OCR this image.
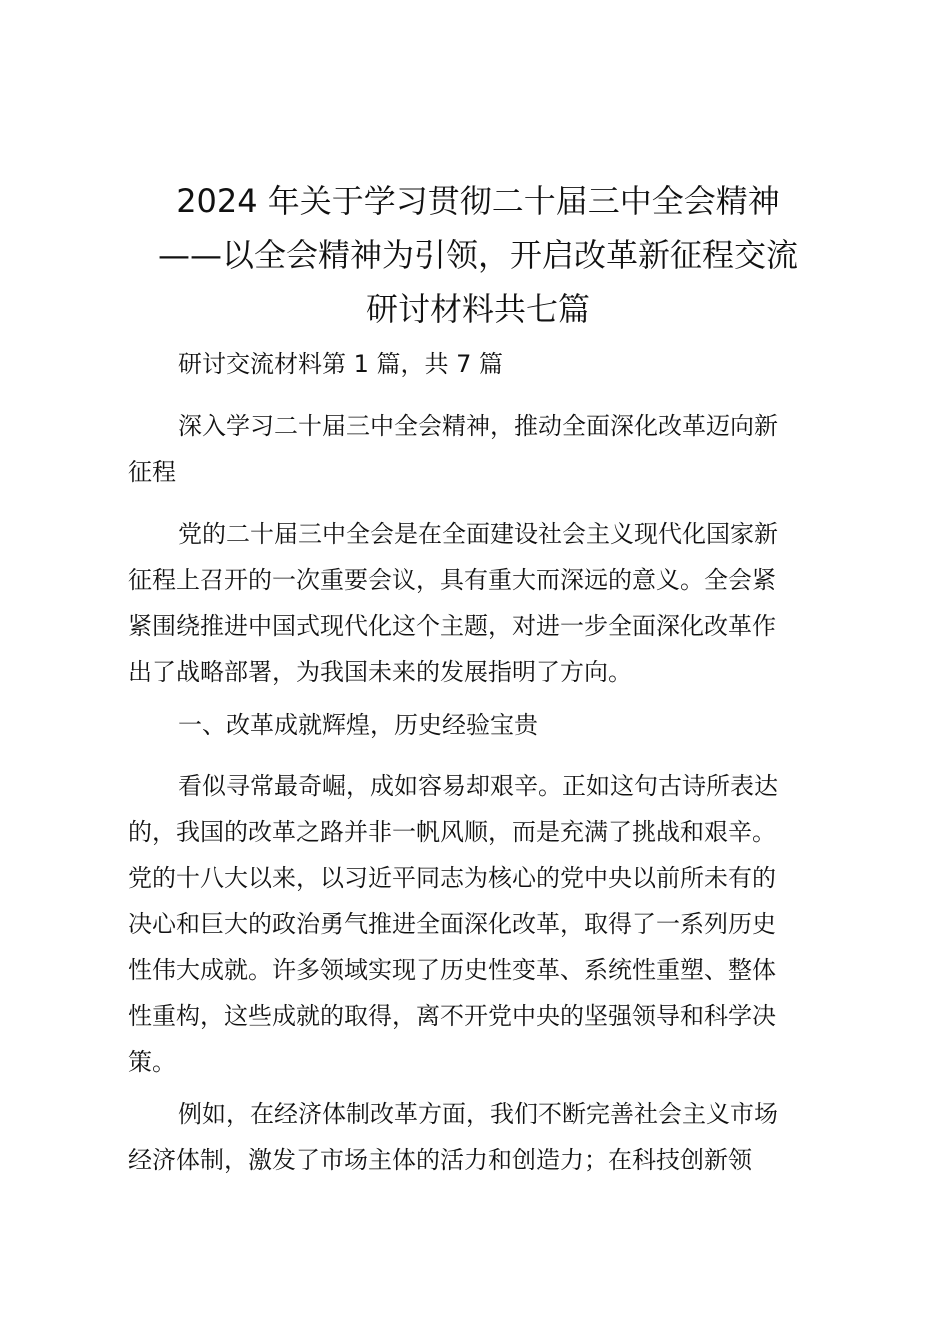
2024 年关于学习贯彻二十届三中全会精神
——以全会精神为引领，开启改革新征程交流
研讨材料共七篇

研讨交流材料第 1 篇，共 7 篇

深入学习二十届三中全会精神，推动全面深化改革迈向新
征程

党的二十届三中全会是在全面建设社会主义现代化国家新
征程上召开的一次重要会议，具有重大而深远的意义。全会紧
紧围绕推进中国式现代化这个主题，对进一步全面深化改革作
出了战略部署，为我国未来的发展指明了方向。

一、改革成就辉煌，历史经验宝贵

看似寻常最奇崛，成如容易却艰辛。正如这句古诗所表达
的，我国的改革之路并非一帆风顺，而是充满了挑战和艰辛。
党的十八大以来，以习近平同志为核心的党中央以前所未有的
决心和巨大的政治勇气推进全面深化改革，取得了一系列历史
性伟大成就。许多领域实现了历史性变革、系统性重塑、整体
性重构，这些成就的取得，离不开党中央的坚强领导和科学决
策。

例如，在经济体制改革方面，我们不断完善社会主义市场
经济体制，激发了市场主体的活力和创造力；在科技创新领
